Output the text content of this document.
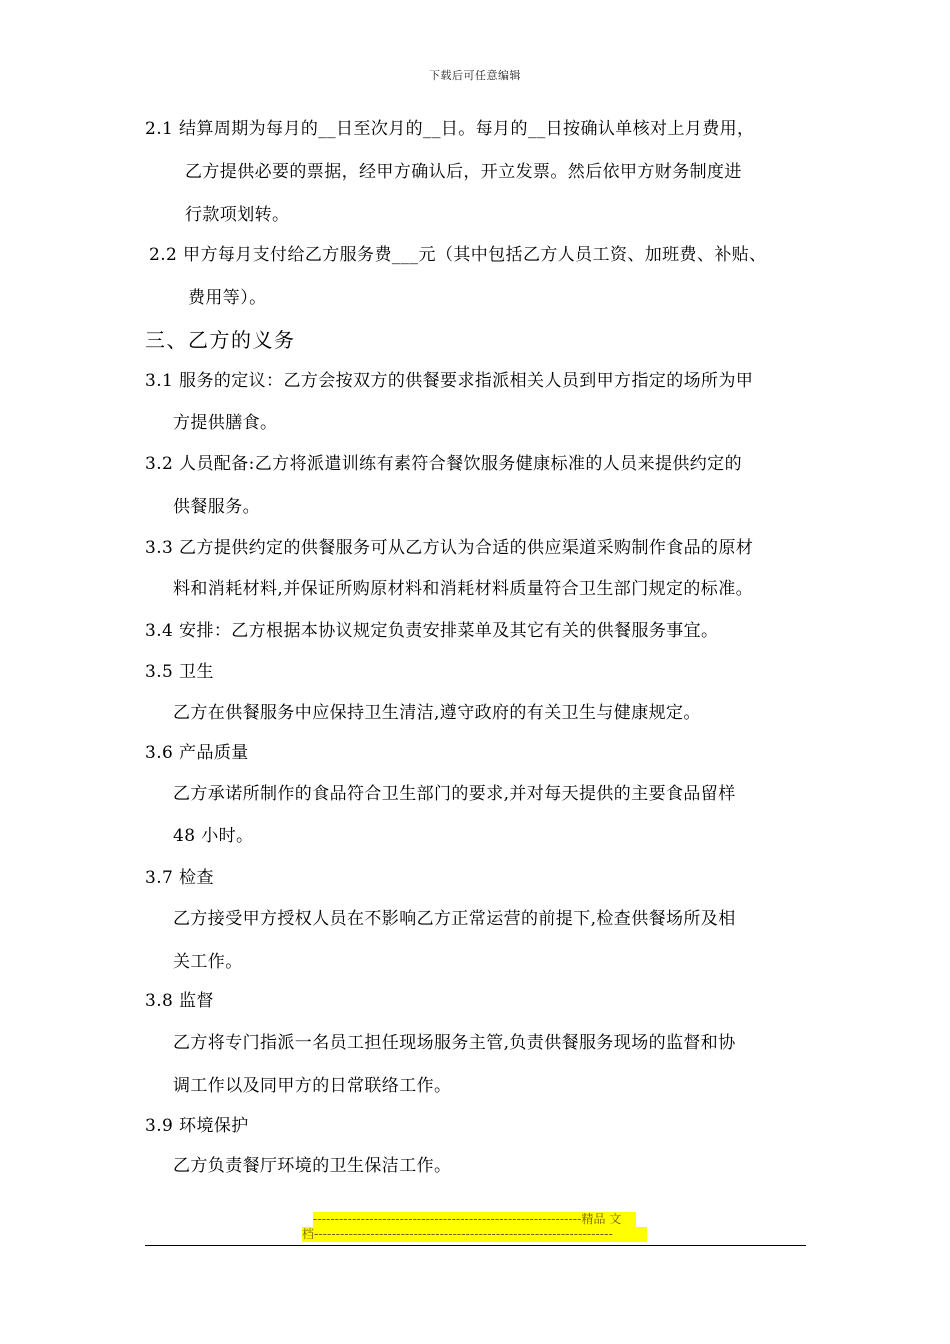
下载后可任意编辑
2.1 结算周期为每月的__日至次月的__日。每月的__日按确认单核对上月费用，
乙方提供必要的票据，经甲方确认后，开立发票。然后依甲方财务制度进
行款项划转。
2.2 甲方每月支付给乙方服务费___元（其中包括乙方人员工资、加班费、补贴、
费用等）。
三、乙方的义务
3.1 服务的定议：乙方会按双方的供餐要求指派相关人员到甲方指定的场所为甲
方提供膳食。
3.2 人员配备:乙方将派遣训练有素符合餐饮服务健康标准的人员来提供约定的
供餐服务。
3.3 乙方提供约定的供餐服务可从乙方认为合适的供应渠道采购制作食品的原材
料和消耗材料,并保证所购原材料和消耗材料质量符合卫生部门规定的标准。
3.4 安排：乙方根据本协议规定负责安排菜单及其它有关的供餐服务事宜。
3.5 卫生
乙方在供餐服务中应保持卫生清洁,遵守政府的有关卫生与健康规定。
3.6 产品质量
乙方承诺所制作的食品符合卫生部门的要求,并对每天提供的主要食品留样
48 小时。
3.7 检查
乙方接受甲方授权人员在不影响乙方正常运营的前提下,检查供餐场所及相
关工作。
3.8 监督
乙方将专门指派一名员工担任现场服务主管,负责供餐服务现场的监督和协
调工作以及同甲方的日常联络工作。
3.9 环境保护
乙方负责餐厅环境的卫生保洁工作。
--------------------------------------------------------------精品 文
档---------------------------------------------------------------------
